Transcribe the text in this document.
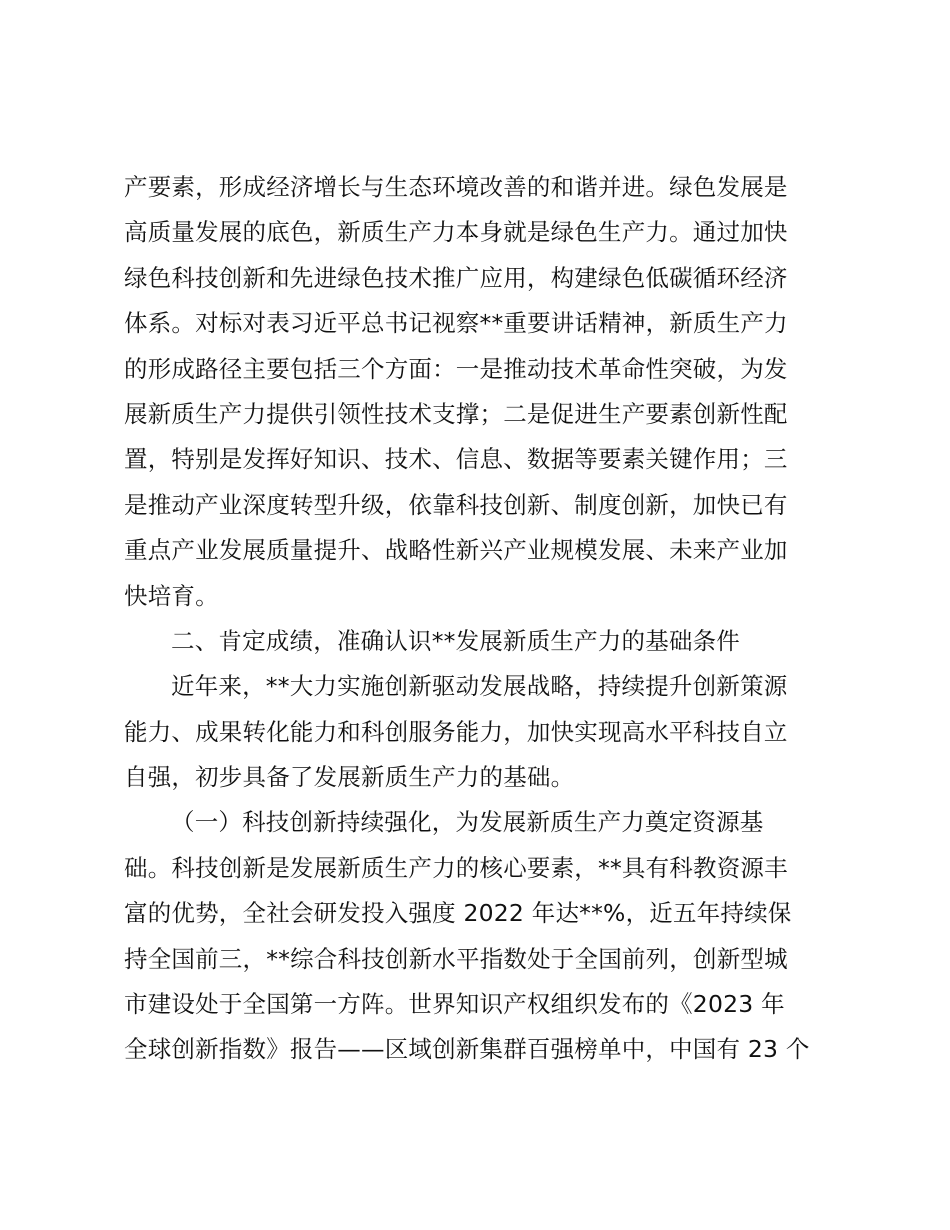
产要素，形成经济增长与生态环境改善的和谐并进。绿色发展是
高质量发展的底色，新质生产力本身就是绿色生产力。通过加快
绿色科技创新和先进绿色技术推广应用，构建绿色低碳循环经济
体系。对标对表习近平总书记视察**重要讲话精神，新质生产力
的形成路径主要包括三个方面：一是推动技术革命性突破，为发
展新质生产力提供引领性技术支撑；二是促进生产要素创新性配
置，特别是发挥好知识、技术、信息、数据等要素关键作用；三
是推动产业深度转型升级，依靠科技创新、制度创新，加快已有
重点产业发展质量提升、战略性新兴产业规模发展、未来产业加
快培育。
二、肯定成绩，准确认识**发展新质生产力的基础条件
近年来，**大力实施创新驱动发展战略，持续提升创新策源
能力、成果转化能力和科创服务能力，加快实现高水平科技自立
自强，初步具备了发展新质生产力的基础。
（一）科技创新持续强化，为发展新质生产力奠定资源基
础。科技创新是发展新质生产力的核心要素，**具有科教资源丰
富的优势，全社会研发投入强度 2022 年达**%，近五年持续保
持全国前三，**综合科技创新水平指数处于全国前列，创新型城
市建设处于全国第一方阵。世界知识产权组织发布的《2023 年
全球创新指数》报告——区域创新集群百强榜单中，中国有 23 个
